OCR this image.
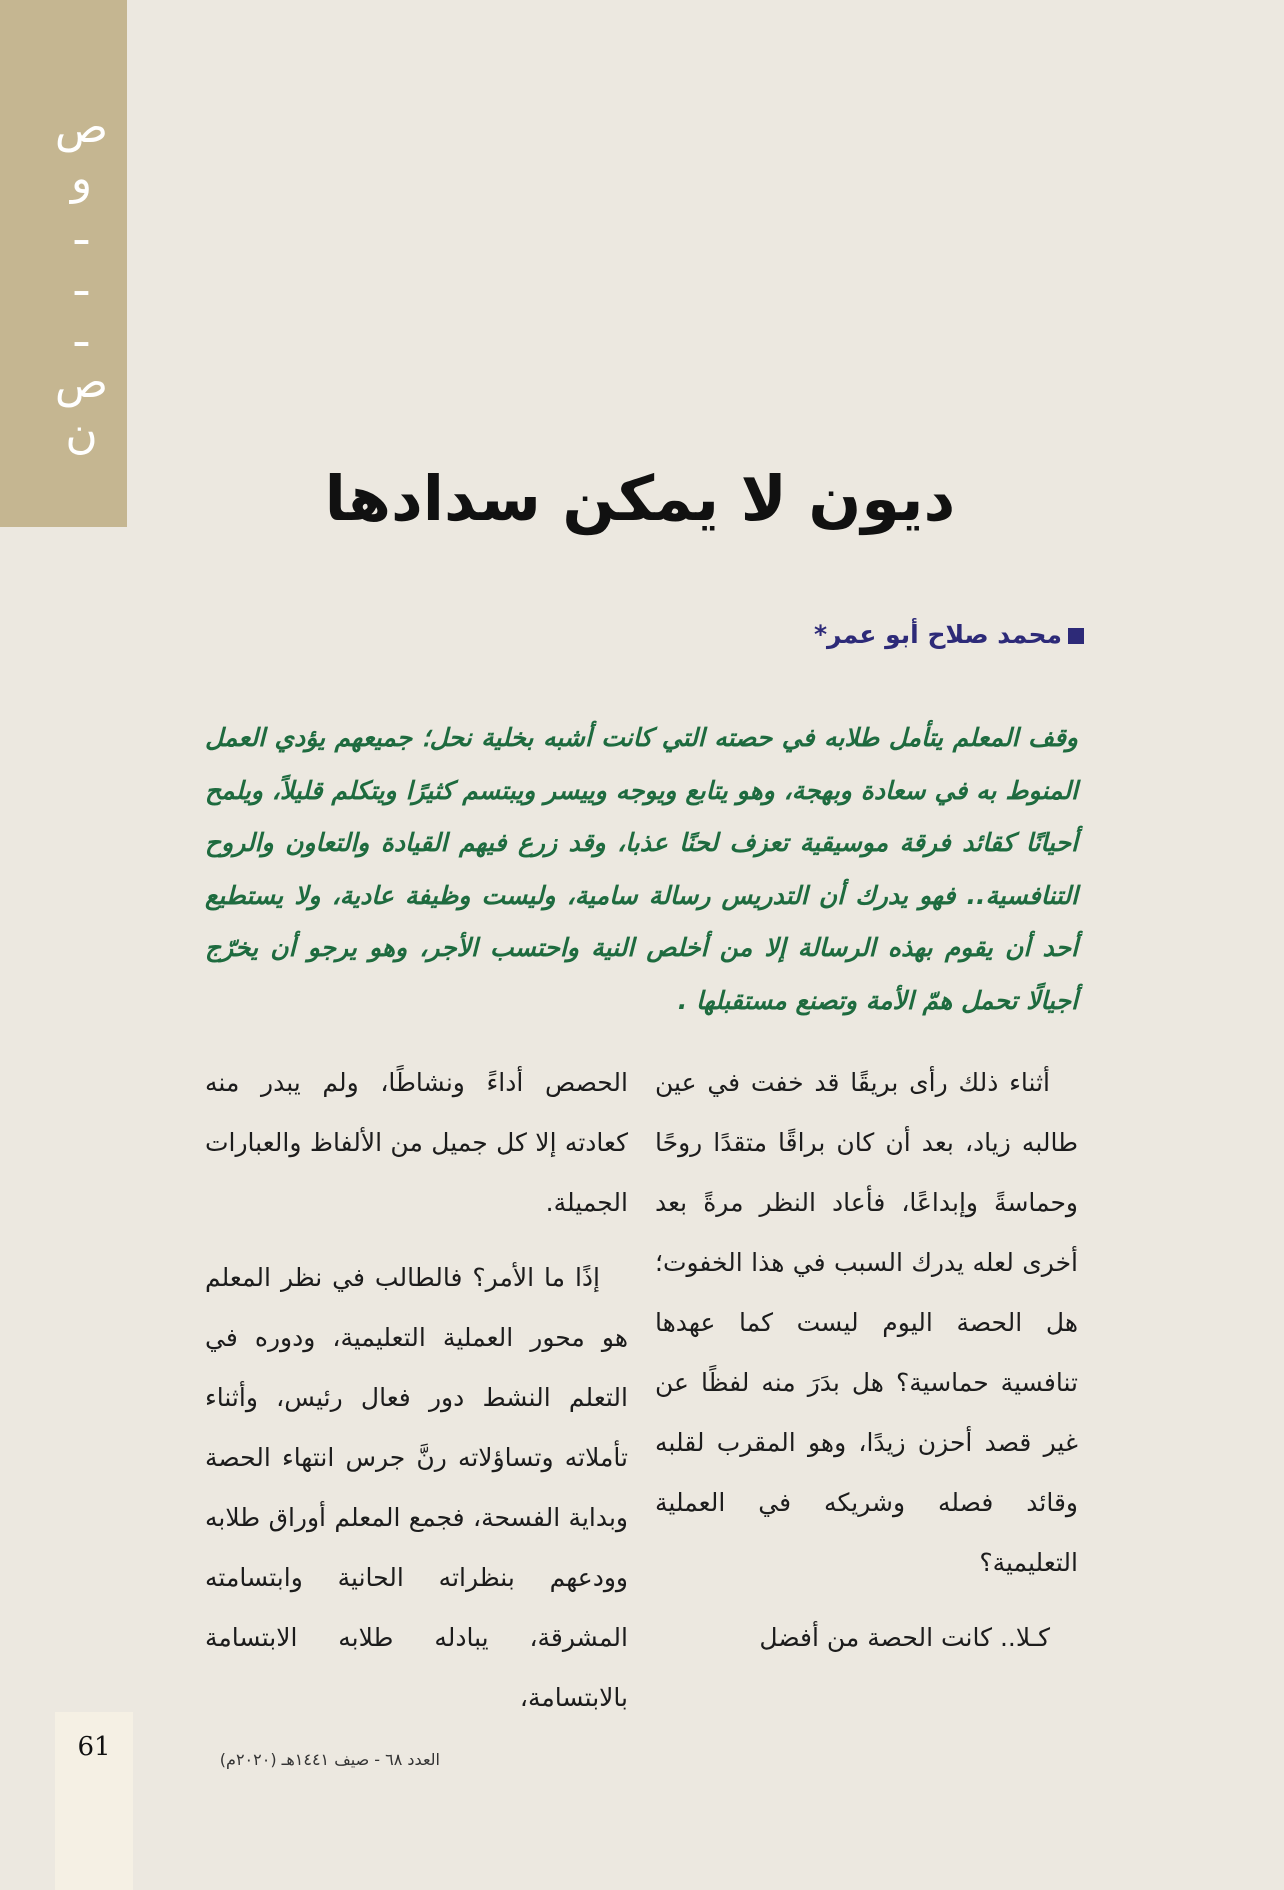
نصـــوص
ديون لا يمكن سدادها
محمد صلاح أبو عمر*
وقف المعلم يتأمل طلابه في حصته التي كانت أشبه بخلية نحل؛ جميعهم يؤدي العمل المنوط به في سعادة وبهجة، وهو يتابع ويوجه وييسر ويبتسم كثيرًا ويتكلم قليلاً، ويلمح أحيانًا كقائد فرقة موسيقية تعزف لحنًا عذبا، وقد زرع فيهم القيادة والتعاون والروح التنافسية.. فهو يدرك أن التدريس رسالة سامية، وليست وظيفة عادية، ولا يستطيع أحد أن يقوم بهذه الرسالة إلا من أخلص النية واحتسب الأجر، وهو يرجو أن يخرّج أجيالًا تحمل همّ الأمة وتصنع مستقبلها .

أثناء ذلك رأى بريقًا قد خفت في عين طالبه زياد، بعد أن كان براقًا متقدًا روحًا وحماسةً وإبداعًا، فأعاد النظر مرةً بعد أخرى لعله يدرك السبب في هذا الخفوت؛ هل الحصة اليوم ليست كما عهدها تنافسية حماسية؟ هل بدَرَ منه لفظًا عن غير قصد أحزن زيدًا، وهو المقرب لقلبه وقائد فصله وشريكه في العملية التعليمية؟

كـلا.. كانت الحصة من أفضل

الحصص أداءً ونشاطًا، ولم يبدر منه كعادته إلا كل جميل من الألفاظ والعبارات الجميلة.

إذًا ما الأمر؟ فالطالب في نظر المعلم هو محور العملية التعليمية، ودوره في التعلم النشط دور فعال رئيس، وأثناء تأملاته وتساؤلاته رنَّ جرس انتهاء الحصة وبداية الفسحة، فجمع المعلم أوراق طلابه وودعهم بنظراته الحانية وابتسامته المشرقة، يبادله طلابه الابتسامة بالابتسامة،

61	العدد ٦٨ - صيف ١٤٤١هـ (٢٠٢٠م)
